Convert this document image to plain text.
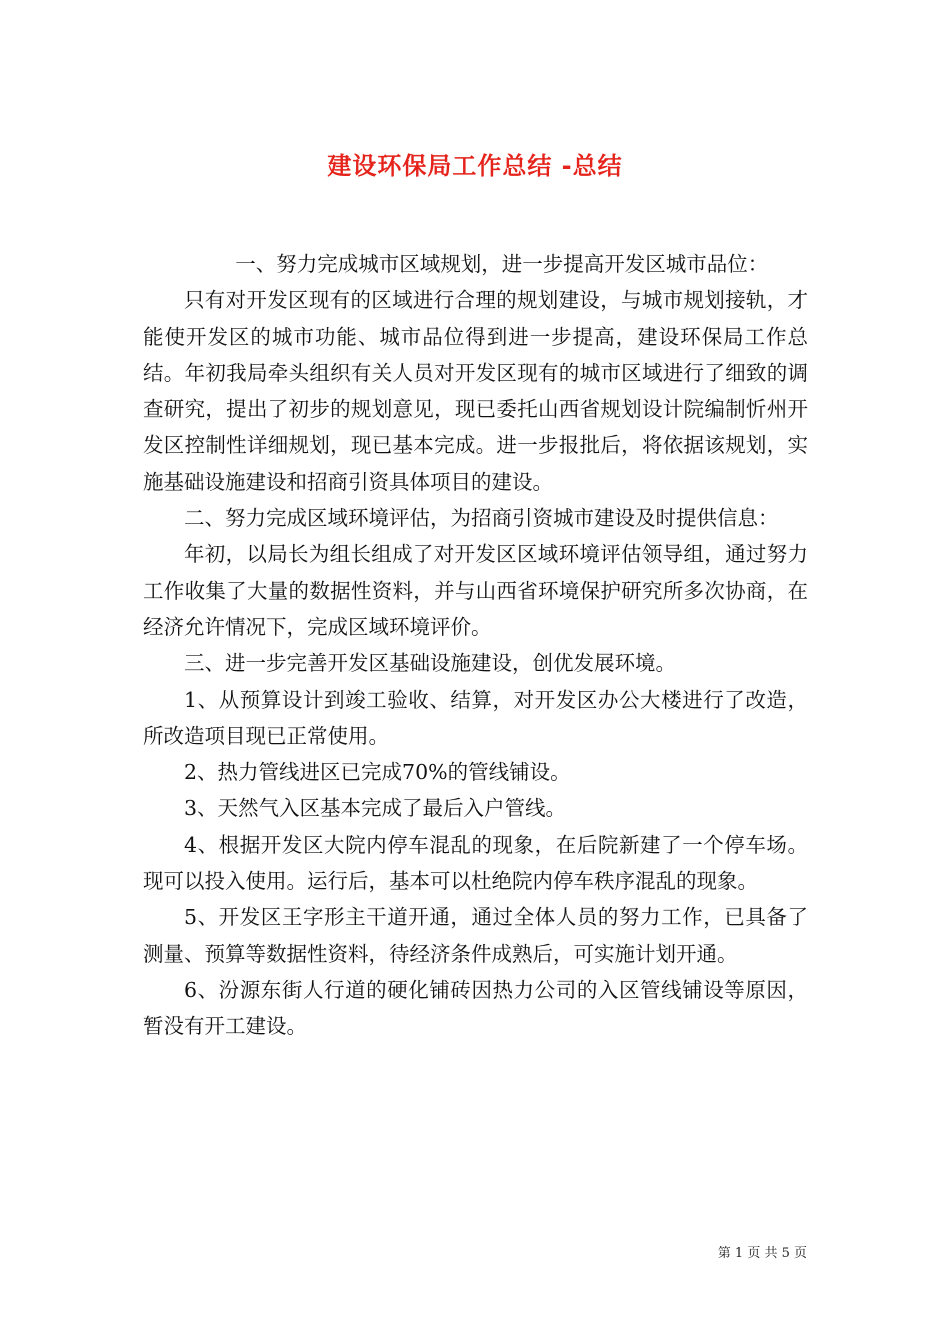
建设环保局工作总结 -总结

一、努力完成城市区域规划，进一步提高开发区城市品位：

只有对开发区现有的区域进行合理的规划建设，与城市规划接轨，才能使开发区的城市功能、城市品位得到进一步提高，建设环保局工作总结。年初我局牵头组织有关人员对开发区现有的城市区域进行了细致的调查研究，提出了初步的规划意见，现已委托山西省规划设计院编制忻州开发区控制性详细规划，现已基本完成。进一步报批后，将依据该规划，实施基础设施建设和招商引资具体项目的建设。

二、努力完成区域环境评估，为招商引资城市建设及时提供信息：

年初，以局长为组长组成了对开发区区域环境评估领导组，通过努力工作收集了大量的数据性资料，并与山西省环境保护研究所多次协商，在经济允许情况下，完成区域环境评价。

三、进一步完善开发区基础设施建设，创优发展环境。

1、从预算设计到竣工验收、结算，对开发区办公大楼进行了改造，所改造项目现已正常使用。

2、热力管线进区已完成70%的管线铺设。

3、天然气入区基本完成了最后入户管线。

4、根据开发区大院内停车混乱的现象，在后院新建了一个停车场。现可以投入使用。运行后，基本可以杜绝院内停车秩序混乱的现象。

5、开发区王字形主干道开通，通过全体人员的努力工作，已具备了测量、预算等数据性资料，待经济条件成熟后，可实施计划开通。

6、汾源东街人行道的硬化铺砖因热力公司的入区管线铺设等原因，暂没有开工建设。

第 1 页 共 5 页
